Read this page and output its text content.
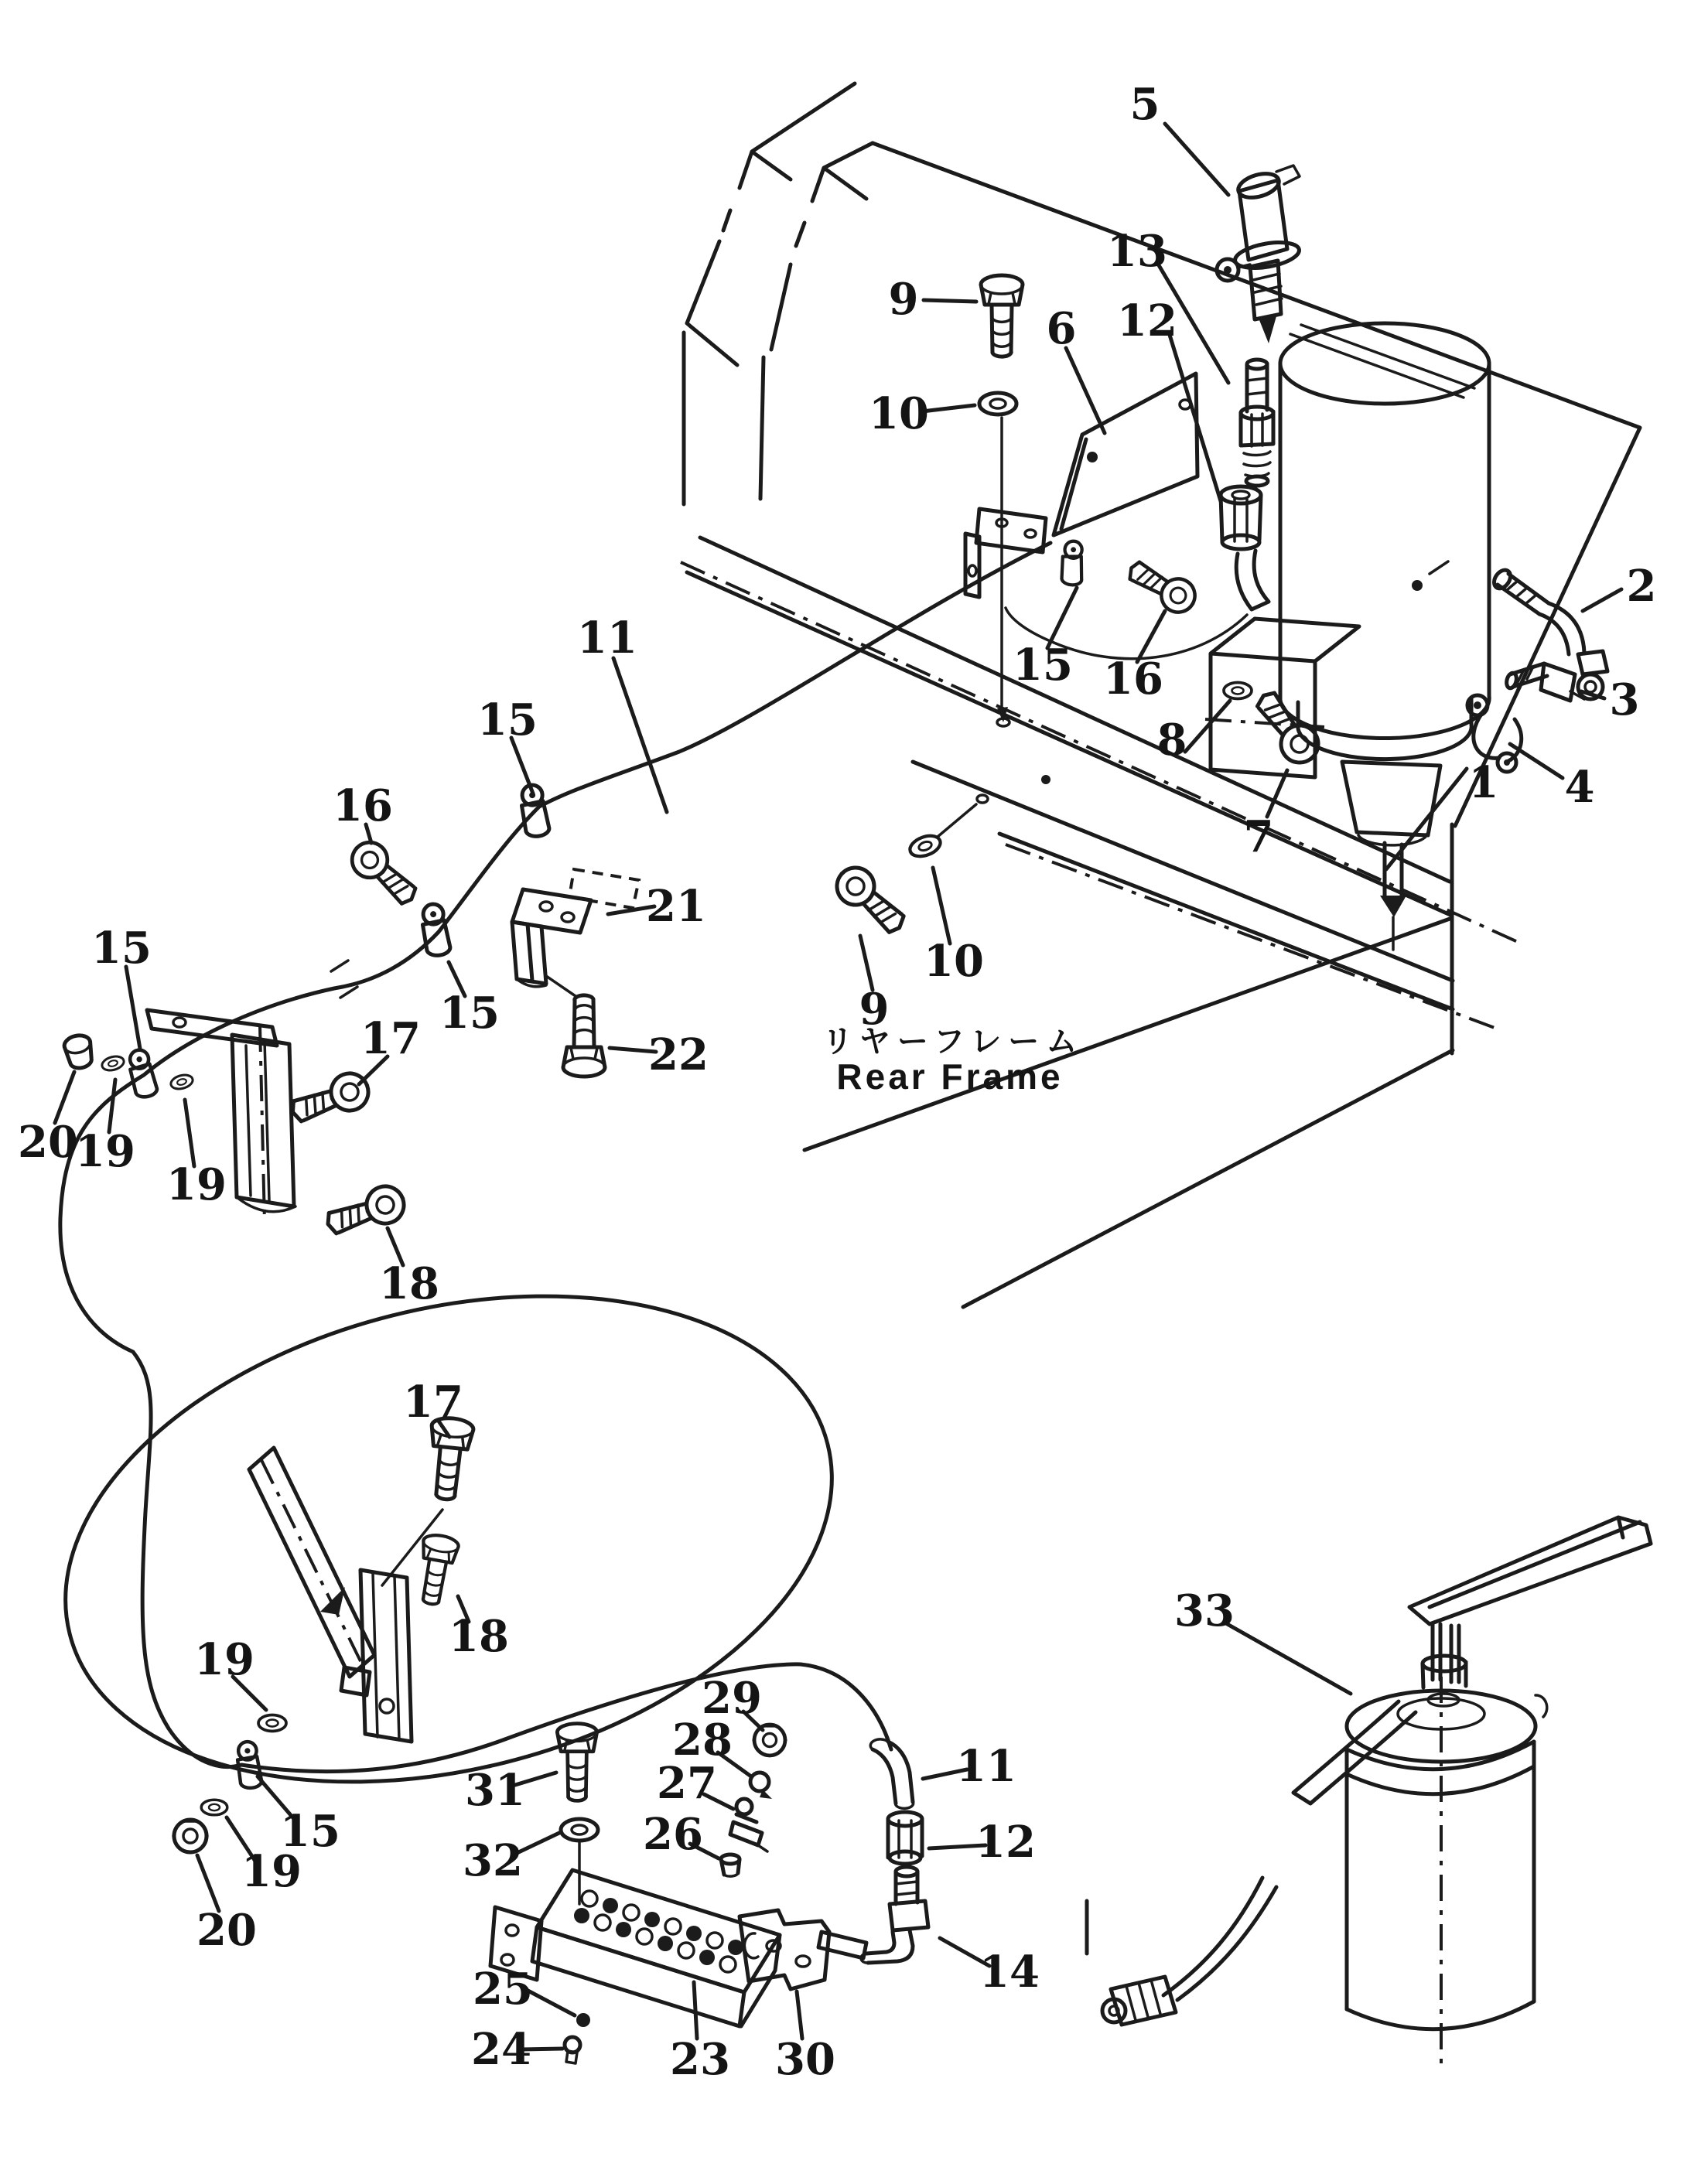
リヤーフレーム
Rear Frame
5
13
12
9
10
6
1
2
3
4
8
7
15 16
9
10
11
15
16
21
22
15
15
20
19
19
17
18
17
18
19
15
19
20
29
28
27
26
31
32
25
24	23 30
11
12
14
33
